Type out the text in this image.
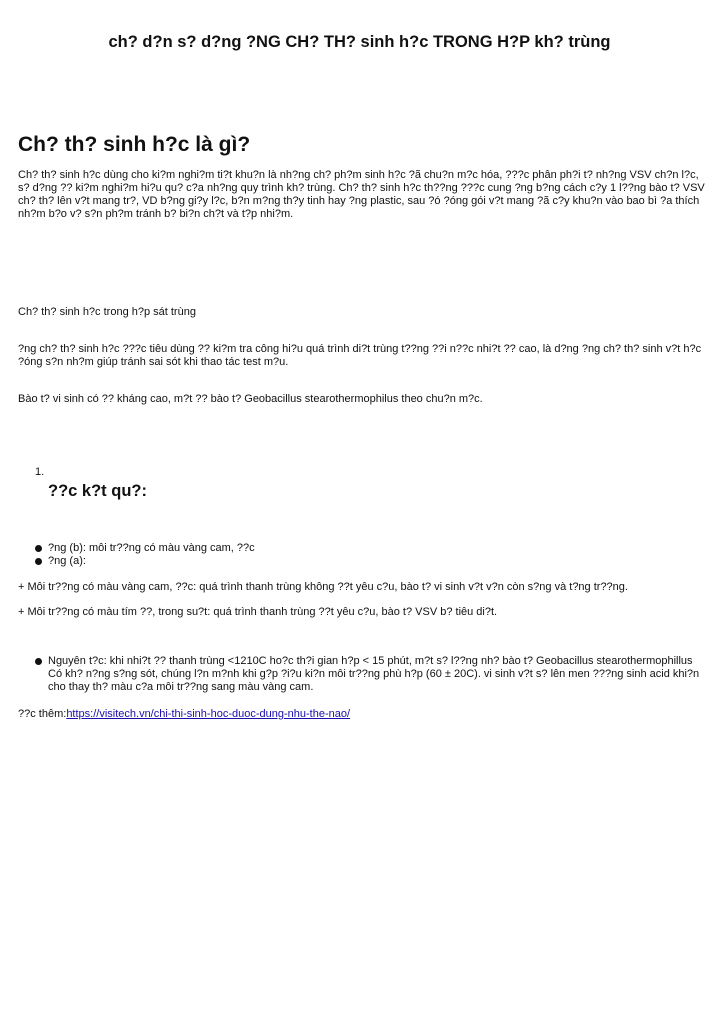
ch? d?n s? d?ng ?NG CH? TH? sinh h?c TRONG H?P kh? trùng
Ch? th? sinh h?c là gì?
Ch? th? sinh h?c dùng cho ki?m nghi?m ti?t khu?n là nh?ng ch? ph?m sinh h?c ?ã chu?n m?c hóa, ???c phân ph?i t? nh?ng VSV ch?n l?c, s? d?ng ?? ki?m nghi?m hi?u qu? c?a nh?ng quy trình kh? trùng. Ch? th? sinh h?c th??ng ???c cung ?ng b?ng cách c?y 1 l??ng bào t? VSV ch? th? lên v?t mang tr?, VD b?ng gi?y l?c, b?n m?ng th?y tinh hay ?ng plastic, sau ?ó ?óng gói v?t mang ?ã c?y khu?n vào bao bì ?a thích nh?m b?o v? s?n ph?m tránh b? bi?n ch?t và t?p nhi?m.
Ch? th? sinh h?c trong h?p sát trùng
?ng ch? th? sinh h?c ???c tiêu dùng ?? ki?m tra công hi?u quá trình di?t trùng t??ng ??i n??c nhi?t ?? cao, là d?ng ?ng ch? th? sinh v?t h?c ?óng s?n nh?m giúp tránh sai sót khi thao tác test m?u.
Bào t? vi sinh có ?? kháng cao, m?t ?? bào t? Geobacillus stearothermophilus theo chu?n m?c.
1.
??c k?t qu?:
?ng (b): môi tr??ng có màu vàng cam, ??c
?ng (a):
+ Môi tr??ng có màu vàng cam, ??c: quá trình thanh trùng không ??t yêu c?u, bào t? vi sinh v?t v?n còn s?ng và t?ng tr??ng.
+ Môi tr??ng có màu tím ??, trong su?t: quá trình thanh trùng ??t yêu c?u, bào t? VSV b? tiêu di?t.
Nguyên t?c: khi nhi?t ?? thanh trùng <1210C ho?c th?i gian h?p < 15 phút, m?t s? l??ng nh? bào t? Geobacillus stearothermophillus Có kh? n?ng s?ng sót, chúng l?n m?nh khi g?p ?i?u ki?n môi tr??ng phù h?p (60 ± 20C). vi sinh v?t s? lên men ???ng sinh acid khi?n cho thay th? màu c?a môi tr??ng sang màu vàng cam.
??c thêm:https://visitech.vn/chi-thi-sinh-hoc-duoc-dung-nhu-the-nao/
